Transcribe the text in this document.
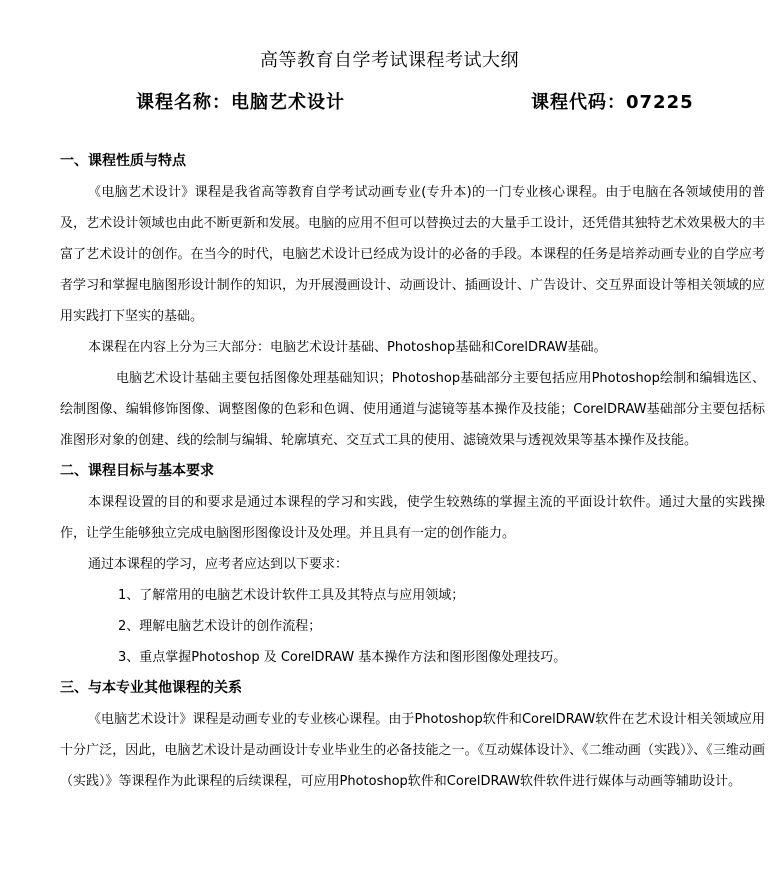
高等教育自学考试课程考试大纲
课程名称：电脑艺术设计	课程代码：07225

一、课程性质与特点

《电脑艺术设计》课程是我省高等教育自学考试动画专业(专升本)的一门专业核心课程。由于电脑在各领域使用的普及，艺术设计领域也由此不断更新和发展。电脑的应用不但可以替换过去的大量手工设计，还凭借其独特艺术效果极大的丰富了艺术设计的创作。在当今的时代，电脑艺术设计已经成为设计的必备的手段。本课程的任务是培养动画专业的自学应考者学习和掌握电脑图形设计制作的知识，为开展漫画设计、动画设计、插画设计、广告设计、交互界面设计等相关领域的应用实践打下坚实的基础。

本课程在内容上分为三大部分：电脑艺术设计基础、Photoshop基础和CorelDRAW基础。

电脑艺术设计基础主要包括图像处理基础知识；Photoshop基础部分主要包括应用Photoshop绘制和编辑选区、绘制图像、编辑修饰图像、调整图像的色彩和色调、使用通道与滤镜等基本操作及技能；CorelDRAW基础部分主要包括标准图形对象的创建、线的绘制与编辑、轮廓填充、交互式工具的使用、滤镜效果与透视效果等基本操作及技能。

二、课程目标与基本要求

本课程设置的目的和要求是通过本课程的学习和实践，使学生较熟练的掌握主流的平面设计软件。通过大量的实践操作，让学生能够独立完成电脑图形图像设计及处理。并且具有一定的创作能力。

通过本课程的学习，应考者应达到以下要求：

1、了解常用的电脑艺术设计软件工具及其特点与应用领域；

2、理解电脑艺术设计的创作流程；

3、重点掌握Photoshop 及 CorelDRAW 基本操作方法和图形图像处理技巧。

三、与本专业其他课程的关系

《电脑艺术设计》课程是动画专业的专业核心课程。由于Photoshop软件和CorelDRAW软件在艺术设计相关领域应用十分广泛，因此，电脑艺术设计是动画设计专业毕业生的必备技能之一。《互动媒体设计》、《二维动画（实践）》、《三维动画（实践）》等课程作为此课程的后续课程，可应用Photoshop软件和CorelDRAW软件软件进行媒体与动画等辅助设计。
